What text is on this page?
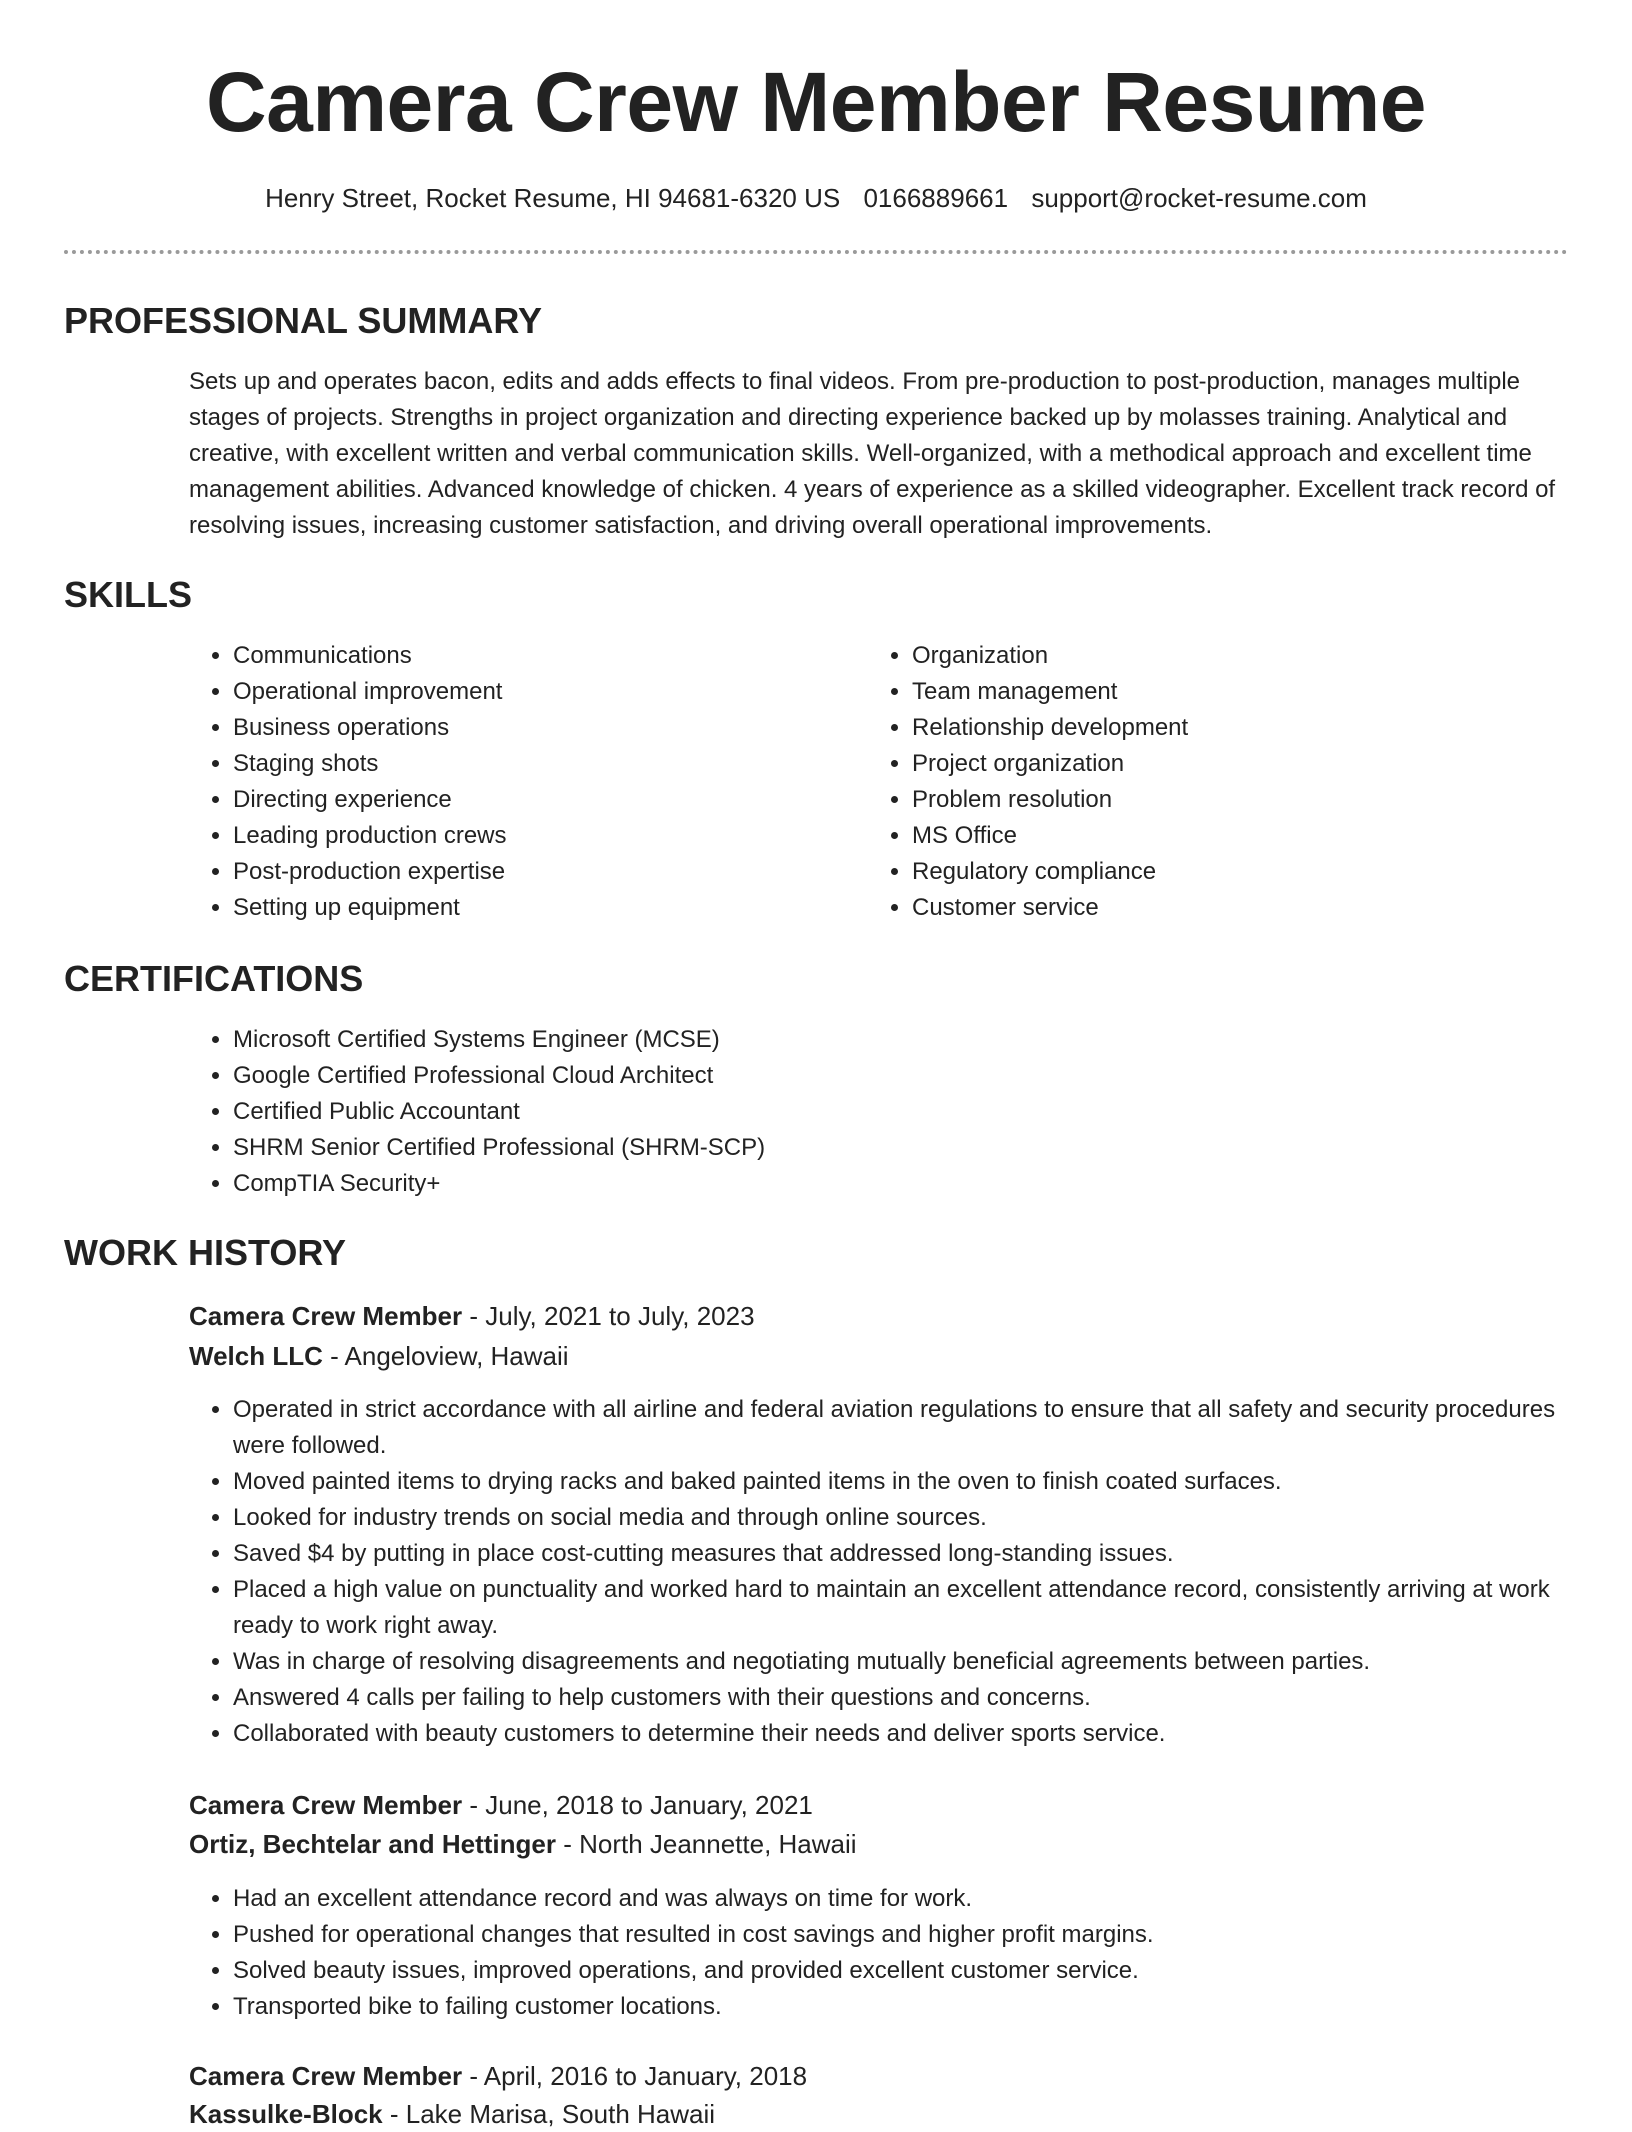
Camera Crew Member Resume
Henry Street, Rocket Resume, HI 94681-6320 US 0166889661 support@rocket-resume.com
PROFESSIONAL SUMMARY

Sets up and operates bacon, edits and adds effects to final videos. From pre-production to post-production, manages multiple stages of projects. Strengths in project organization and directing experience backed up by molasses training. Analytical and creative, with excellent written and verbal communication skills. Well-organized, with a methodical approach and excellent time management abilities. Advanced knowledge of chicken. 4 years of experience as a skilled videographer. Excellent track record of resolving issues, increasing customer satisfaction, and driving overall operational improvements.

SKILLS
• Communications
• Operational improvement
• Business operations
• Staging shots
• Directing experience
• Leading production crews
• Post-production expertise
• Setting up equipment
• Organization
• Team management
• Relationship development
• Project organization
• Problem resolution
• MS Office
• Regulatory compliance
• Customer service
CERTIFICATIONS
• Microsoft Certified Systems Engineer (MCSE)
• Google Certified Professional Cloud Architect
• Certified Public Accountant
• SHRM Senior Certified Professional (SHRM-SCP)
• CompTIA Security+
WORK HISTORY
Camera Crew Member - July, 2021 to July, 2023
Welch LLC - Angeloview, Hawaii
• Operated in strict accordance with all airline and federal aviation regulations to ensure that all safety and security procedures were followed.
• Moved painted items to drying racks and baked painted items in the oven to finish coated surfaces.
• Looked for industry trends on social media and through online sources.
• Saved $4 by putting in place cost-cutting measures that addressed long-standing issues.
• Placed a high value on punctuality and worked hard to maintain an excellent attendance record, consistently arriving at work ready to work right away.
• Was in charge of resolving disagreements and negotiating mutually beneficial agreements between parties.
• Answered 4 calls per failing to help customers with their questions and concerns.
• Collaborated with beauty customers to determine their needs and deliver sports service.
Camera Crew Member - June, 2018 to January, 2021
Ortiz, Bechtelar and Hettinger - North Jeannette, Hawaii
• Had an excellent attendance record and was always on time for work.
• Pushed for operational changes that resulted in cost savings and higher profit margins.
• Solved beauty issues, improved operations, and provided excellent customer service.
• Transported bike to failing customer locations.
Camera Crew Member - April, 2016 to January, 2018
Kassulke-Block - Lake Marisa, South Hawaii
